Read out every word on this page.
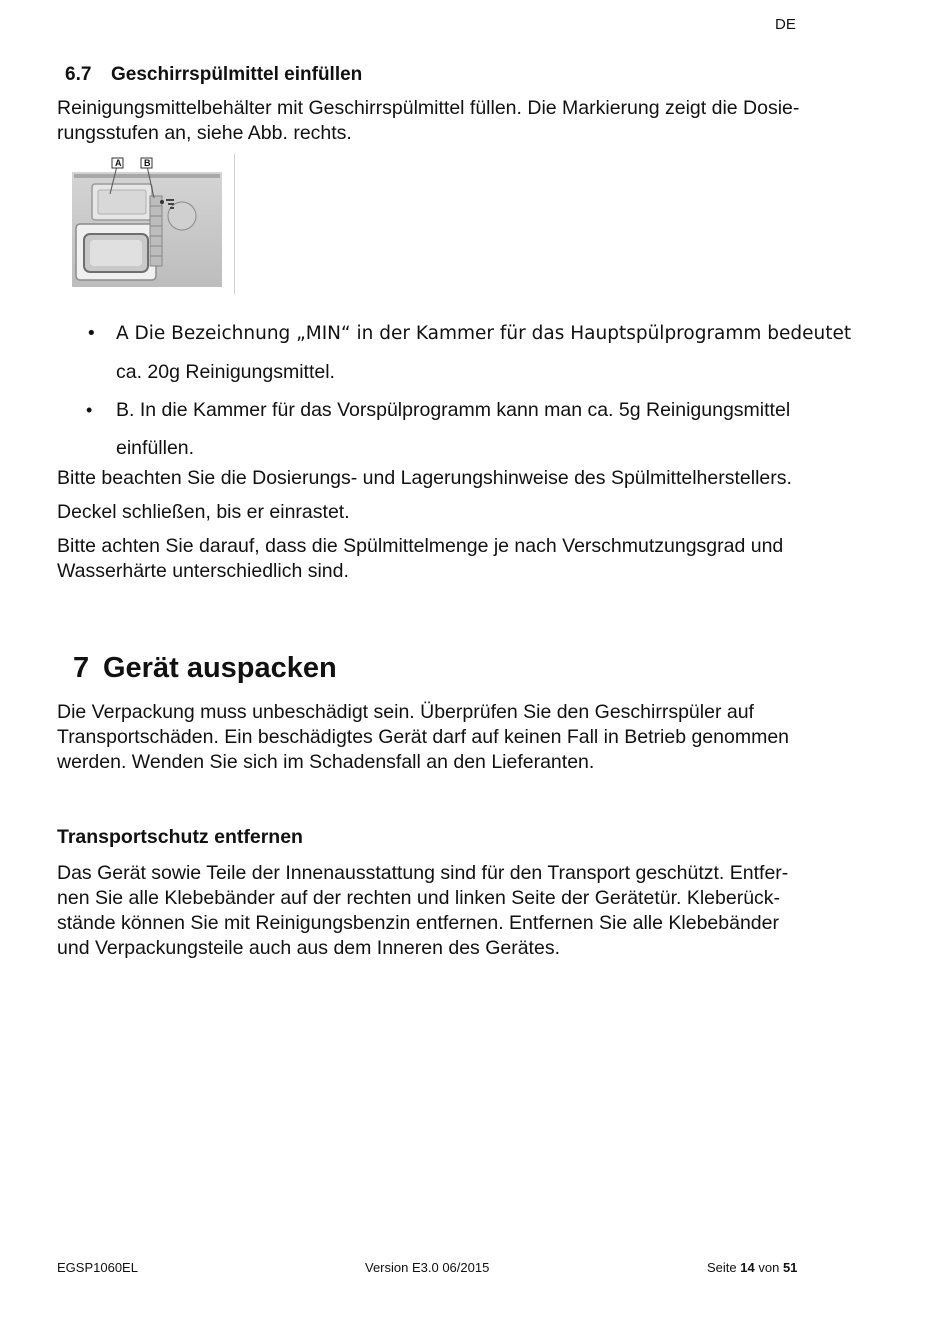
DE
6.7 Geschirrspülmittel einfüllen
Reinigungsmittelbehälter mit Geschirrspülmittel füllen. Die Markierung zeigt die Dosie-
rungsstufen an, siehe Abb. rechts.
A	B
• A Die Bezeichnung „MIN“ in der Kammer für das Hauptspülprogramm bedeutet
ca. 20g Reinigungsmittel.
• B. In die Kammer für das Vorspülprogramm kann man ca. 5g Reinigungsmittel
einfüllen.
Bitte beachten Sie die Dosierungs- und Lagerungshinweise des Spülmittelherstellers.
Deckel schließen, bis er einrastet.
Bitte achten Sie darauf, dass die Spülmittelmenge je nach Verschmutzungsgrad und
Wasserhärte unterschiedlich sind.
7 Gerät auspacken
Die Verpackung muss unbeschädigt sein. Überprüfen Sie den Geschirrspüler auf
Transportschäden. Ein beschädigtes Gerät darf auf keinen Fall in Betrieb genommen
werden. Wenden Sie sich im Schadensfall an den Lieferanten.
Transportschutz entfernen
Das Gerät sowie Teile der Innenausstattung sind für den Transport geschützt. Entfer-
nen Sie alle Klebebänder auf der rechten und linken Seite der Gerätetür. Kleberück-
stände können Sie mit Reinigungsbenzin entfernen. Entfernen Sie alle Klebebänder
und Verpackungsteile auch aus dem Inneren des Gerätes.
EGSP1060EL	Version E3.0 06/2015	Seite 14 von 51
